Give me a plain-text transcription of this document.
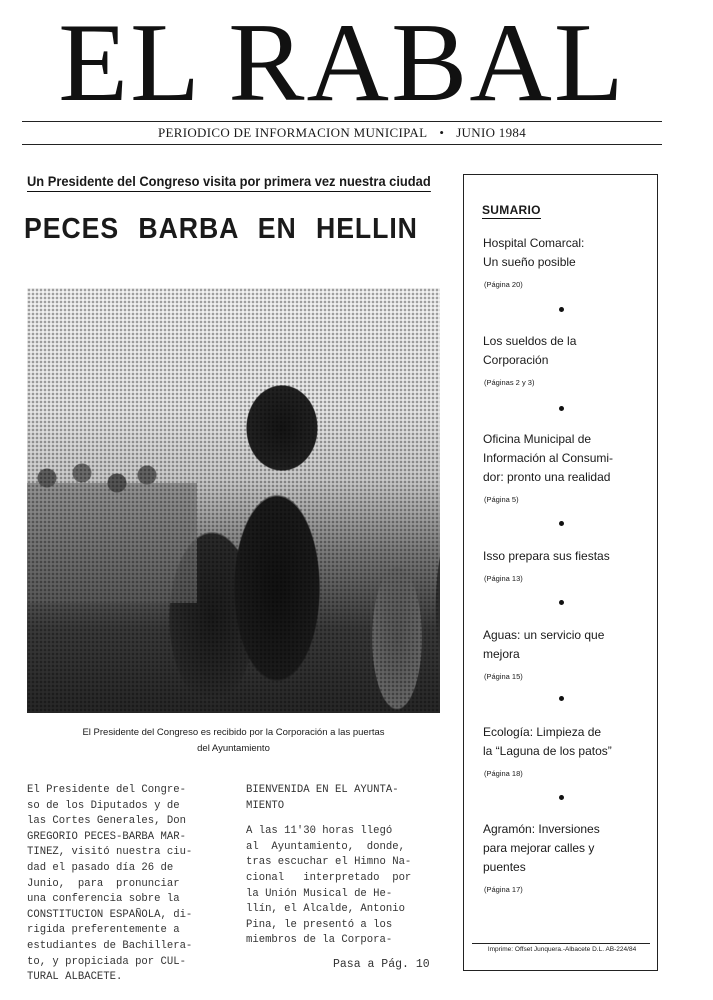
EL RABAL
PERIODICO DE INFORMACION MUNICIPAL • JUNIO 1984
Un Presidente del Congreso visita por primera vez nuestra ciudad
PECES BARBA EN HELLIN
El Presidente del Congreso es recibido por la Corporación a las puertas
del Ayuntamiento

El Presidente del Congre-

so de los Diputados y de

las Cortes Generales, Don

GREGORIO PECES-BARBA MAR-

TINEZ, visitó nuestra ciu-

dad el pasado día 26 de

Junio,  para  pronunciar

una conferencia sobre la

CONSTITUCION ESPAÑOLA, di-

rigida preferentemente a

estudiantes de Bachillera-

to, y propiciada por CUL-

TURAL ALBACETE.

BIENVENIDA EN EL AYUNTA-

MIENTO

A las 11'30 horas llegó

al  Ayuntamiento,  donde,

tras escuchar el Himno Na-

cional   interpretado  por

la Unión Musical de He-

llín, el Alcalde, Antonio

Pina, le presentó a los

miembros de la Corpora-

Pasa a Pág. 10
SUMARIO

Hospital Comarcal:

Un sueño posible

(Página 20)

Los sueldos de la

Corporación

(Páginas 2 y 3)

Oficina Municipal de

Información al Consumi-

dor: pronto una realidad

(Página 5)

Isso prepara sus fiestas

(Página 13)

Aguas: un servicio que

mejora

(Página 15)

Ecología: Limpieza de

la “Laguna de los patos”

(Página 18)

Agramón: Inversiones

para mejorar calles y

puentes

(Página 17)

Imprime: Offset Junquera.-Albacete D.L. AB-224/84
